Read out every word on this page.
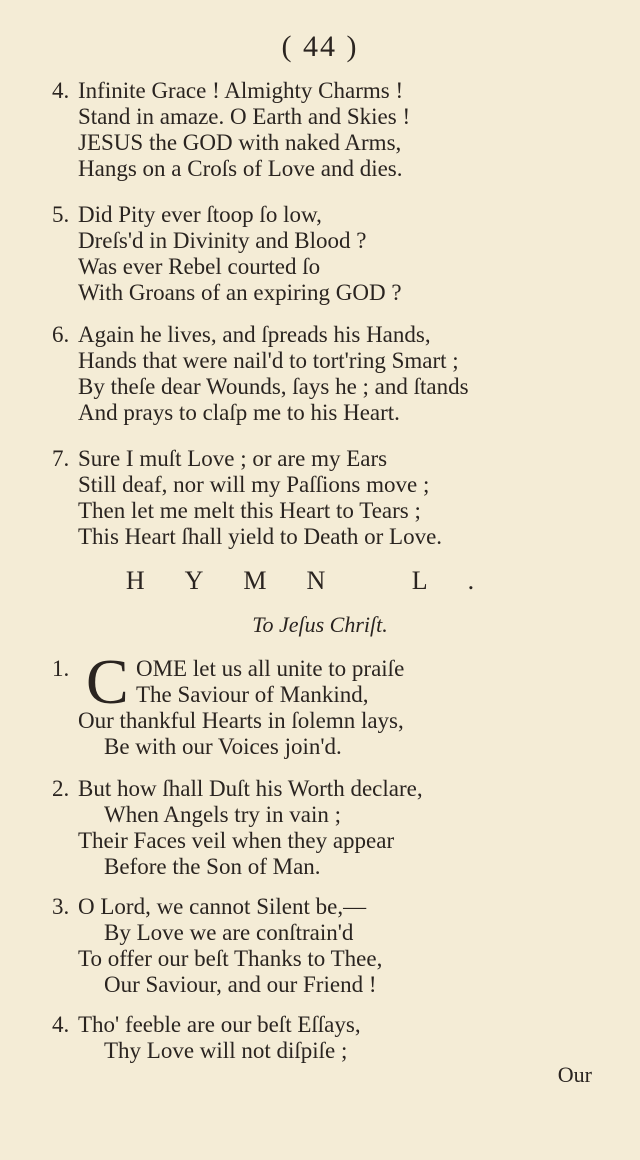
( 44 )
4. Infinite Grace ! Almighty Charms !
Stand in amaze. O Earth and Skies !
JESUS the GOD with naked Arms,
Hangs on a Croſs of Love and dies.
5. Did Pity ever ſtoop ſo low,
Dreſs'd in Divinity and Blood ?
Was ever Rebel courted ſo
With Groans of an expiring GOD ?
6. Again he lives, and ſpreads his Hands,
Hands that were nail'd to tort'ring Smart ;
By theſe dear Wounds, ſays he ; and ſtands
And prays to claſp me to his Heart.
7. Sure I muſt Love ; or are my Ears
Still deaf, nor will my Paſſions move ;
Then let me melt this Heart to Tears ;
This Heart ſhall yield to Death or Love.
HYMN L.
To Jeſus Chriſt.
C
1.	OME let us all unite to praiſe
The Saviour of Mankind,
Our thankful Hearts in ſolemn lays,
Be with our Voices join'd.
2. But how ſhall Duſt his Worth declare,
When Angels try in vain ;
Their Faces veil when they appear
Before the Son of Man.
3. O Lord, we cannot Silent be,—
By Love we are conſtrain'd
To offer our beſt Thanks to Thee,
Our Saviour, and our Friend !
4. Tho' feeble are our beſt Eſſays,
Thy Love will not diſpiſe ;
Our
